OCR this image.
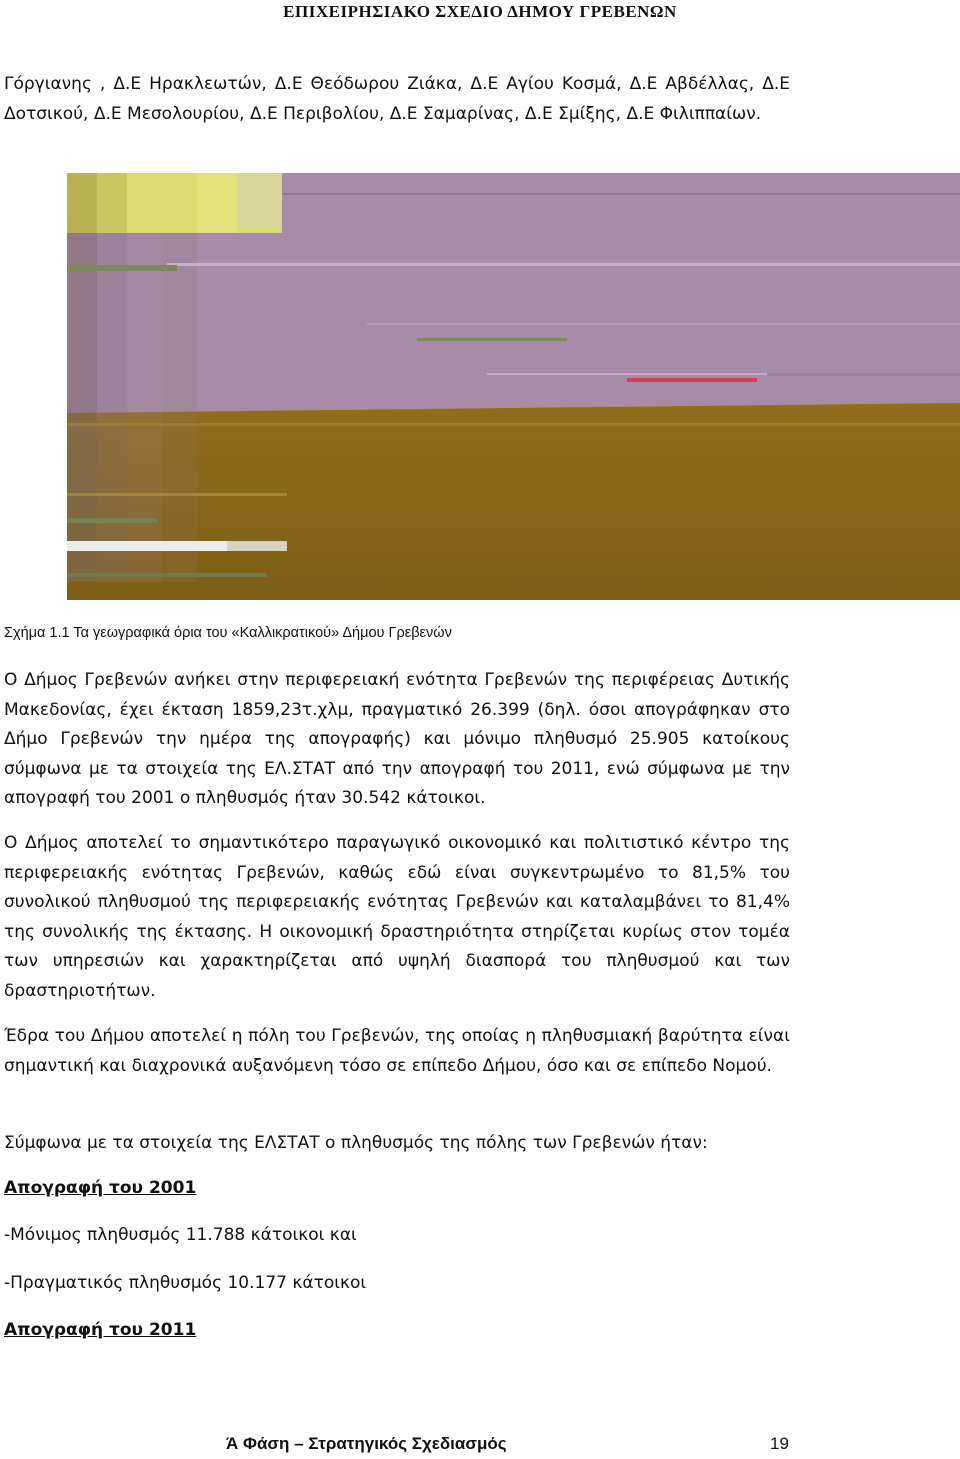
ΕΠΙΧΕΙΡΗΣΙΑΚΟ ΣΧΕΔΙΟ ΔΗΜΟΥ ΓΡΕΒΕΝΩΝ

Γόργιανης , Δ.Ε Ηρακλεωτών, Δ.Ε Θεόδωρου Ζιάκα, Δ.Ε Αγίου Κοσμά, Δ.Ε Αβδέλλας, Δ.Ε Δοτσικού, Δ.Ε Μεσολουρίου, Δ.Ε Περιβολίου, Δ.Ε Σαμαρίνας, Δ.Ε Σμίξης, Δ.Ε Φιλιππαίων.

Σχήμα 1.1 Τα γεωγραφικά όρια του «Καλλικρατικού» Δήμου Γρεβενών

Ο Δήμος Γρεβενών ανήκει στην περιφερειακή ενότητα Γρεβενών της περιφέρειας Δυτικής Μακεδονίας, έχει έκταση 1859,23τ.χλμ, πραγματικό 26.399 (δηλ. όσοι απογράφηκαν στο Δήμο Γρεβενών την ημέρα της απογραφής) και μόνιμο πληθυσμό 25.905 κατοίκους σύμφωνα με τα στοιχεία της ΕΛ.ΣΤΑΤ από την απογραφή του 2011, ενώ σύμφωνα με την απογραφή του 2001 ο πληθυσμός ήταν 30.542 κάτοικοι.

Ο Δήμος αποτελεί το σημαντικότερο παραγωγικό οικονομικό και πολιτιστικό κέντρο της περιφερειακής ενότητας Γρεβενών, καθώς εδώ είναι συγκεντρωμένο το 81,5% του συνολικού πληθυσμού της περιφερειακής ενότητας Γρεβενών και καταλαμβάνει το 81,4% της συνολικής της έκτασης. Η οικονομική δραστηριότητα στηρίζεται κυρίως στον τομέα των υπηρεσιών και χαρακτηρίζεται από υψηλή διασπορά του πληθυσμού και των δραστηριοτήτων.

Έδρα του Δήμου αποτελεί η πόλη του Γρεβενών, της οποίας η πληθυσμιακή βαρύτητα είναι σημαντική και διαχρονικά αυξανόμενη τόσο σε επίπεδο Δήμου, όσο και σε επίπεδο Νομού.

Σύμφωνα με τα στοιχεία της ΕΛΣΤΑΤ ο πληθυσμός της πόλης των Γρεβενών ήταν:

Απογραφή του 2001
-Μόνιμος πληθυσμός 11.788 κάτοικοι και
-Πραγματικός πληθυσμός 10.177 κάτοικοι
Απογραφή του 2011
Ά Φάση – Στρατηγικός Σχεδιασμός	19
